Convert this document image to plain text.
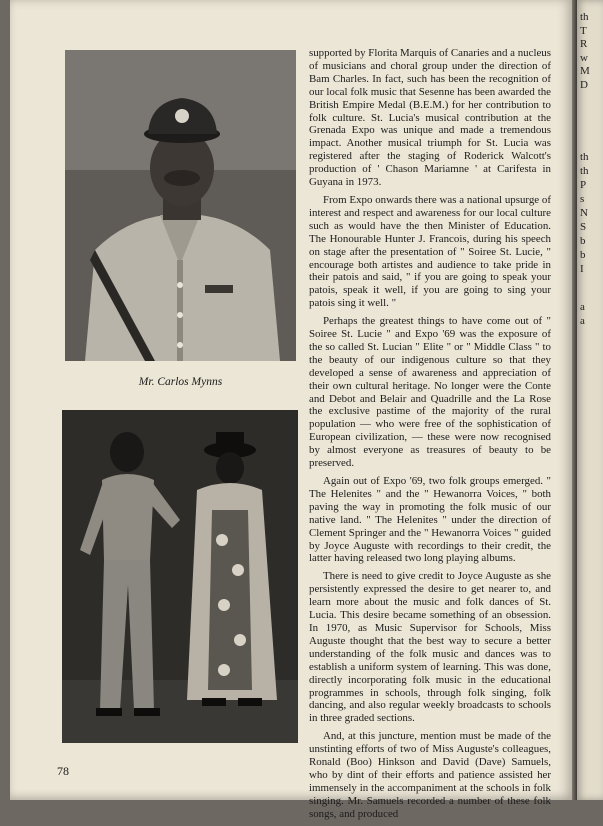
th
T
R
w
M
D
th
th
P
s
N
S
b
b
I
a
a
Mr. Carlos Mynns

supported by Florita Marquis of Canaries and a nucleus of musicians and choral group under the direction of Bam Charles. In fact, such has been the recognition of our local folk music that Sesenne has been awarded the British Empire Medal (B.E.M.) for her contribution to folk culture. St. Lucia's musical contribution at the Grenada Expo was unique and made a tremendous impact. Another musical triumph for St. Lucia was registered after the staging of Roderick Walcott's production of ' Chason Mariamne ' at Carifesta in Guyana in 1973.

From Expo onwards there was a national upsurge of interest and respect and awareness for our local culture such as would have the then Minister of Education. The Honourable Hunter J. Francois, during his speech on stage after the presentation of " Soiree St. Lucie, " encourage both artistes and audience to take pride in their patois and said, " if you are going to speak your patois, speak it well, if you are going to sing your patois sing it well. "

Perhaps the greatest things to have come out of " Soiree St. Lucie " and Expo '69 was the exposure of the so called St. Lucian " Elite " or " Middle Class " to the beauty of our indigenous culture so that they developed a sense of awareness and appreciation of their own cultural heritage. No longer were the Conte and Debot and Belair and Quadrille and the La Rose the exclusive pastime of the majority of the rural population — who were free of the sophistication of European civilization, — these were now recognised by almost everyone as treasures of beauty to be preserved.

Again out of Expo '69, two folk groups emerged. " The Helenites " and the " Hewanorra Voices, " both paving the way in promoting the folk music of our native land. " The Helenites " under the direction of Clement Springer and the " Hewanorra Voices " guided by Joyce Auguste with recordings to their credit, the latter having released two long playing albums.

There is need to give credit to Joyce Auguste as she persistently expressed the desire to get nearer to, and learn more about the music and folk dances of St. Lucia. This desire became something of an obsession. In 1970, as Music Supervisor for Schools, Miss Auguste thought that the best way to secure a better understanding of the folk music and dances was to establish a uniform system of learning. This was done, directly incorporating folk music in the educational programmes in schools, through folk singing, folk dancing, and also regular weekly broadcasts to schools in three graded sections.

And, at this juncture, mention must be made of the unstinting efforts of two of Miss Auguste's colleagues, Ronald (Boo) Hinkson and David (Dave) Samuels, who by dint of their efforts and patience assisted her immensely in the accompaniment at the schools in folk singing. Mr. Samuels recorded a number of these folk songs, and produced

78
